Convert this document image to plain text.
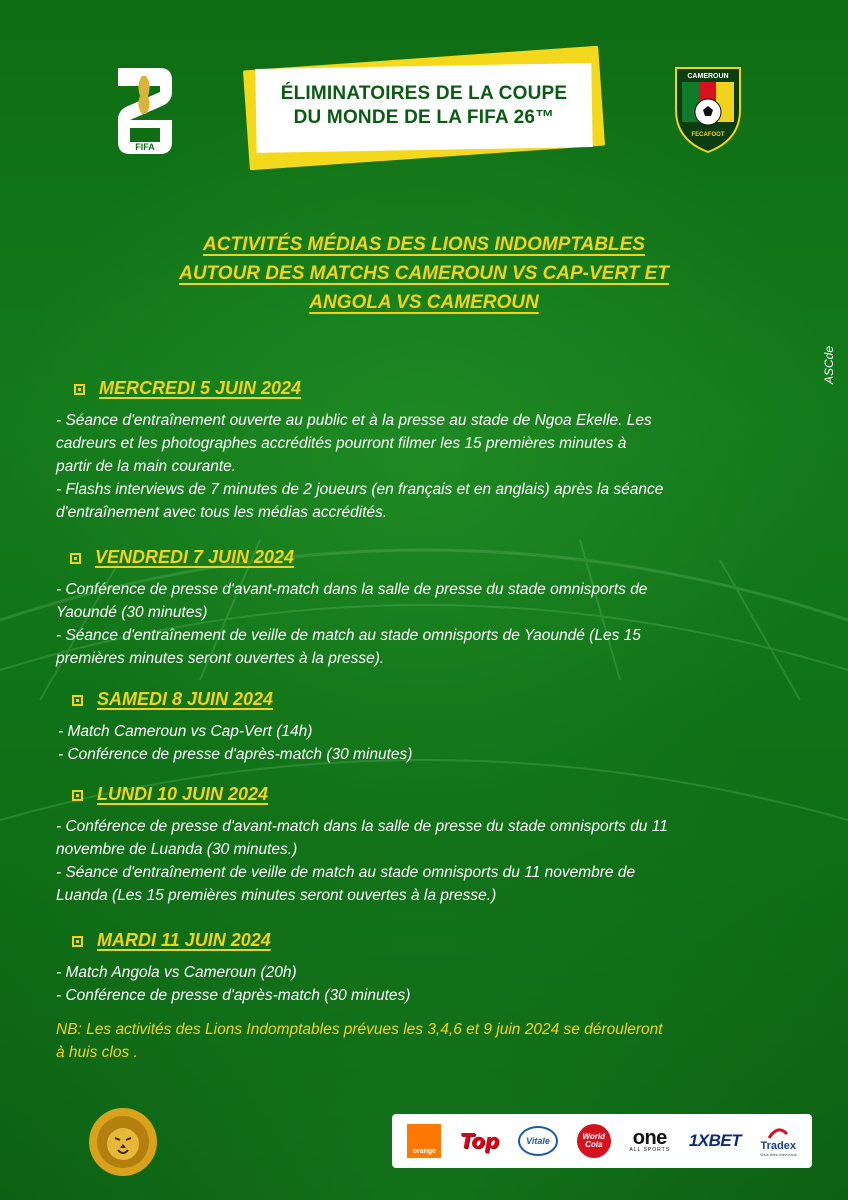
FIFA
ÉLIMINATOIRES DE LA COUPE
DU MONDE DE LA FIFA 26™
CAMEROUN
FECAFOOT
ACTIVITÉS MÉDIAS DES LIONS INDOMPTABLES
AUTOUR DES MATCHS CAMEROUN VS CAP-VERT ET
ANGOLA VS CAMEROUN
ASCde
MERCREDI 5 JUIN 2024

- Séance d'entraînement ouverte au public et à la presse au stade de Ngoa Ekelle. Les

cadreurs et les photographes accrédités pourront filmer les 15 premières minutes à

partir de la main courante.

- Flashs interviews de 7 minutes de 2 joueurs (en français et en anglais) après la séance

d'entraînement avec tous les médias accrédités.

VENDREDI 7 JUIN 2024

- Conférence de presse d'avant-match dans la salle de presse du stade omnisports de

Yaoundé (30 minutes)

- Séance d'entraînement de veille de match au stade omnisports de Yaoundé (Les 15

premières minutes seront ouvertes à la presse).

SAMEDI 8 JUIN 2024

- Match Cameroun vs Cap-Vert (14h)

- Conférence de presse d'après-match (30 minutes)

LUNDI 10 JUIN 2024

- Conférence de presse d'avant-match dans la salle de presse du stade omnisports du 11

novembre de Luanda (30 minutes.)

- Séance d'entraînement de veille de match au stade omnisports du 11 novembre de

Luanda (Les 15 premières minutes seront ouvertes à la presse.)

MARDI 11 JUIN 2024

- Match Angola vs Cameroun (20h)

- Conférence de presse d'après-match (30 minutes)

NB: Les activités des Lions Indomptables prévues les 3,4,6 et 9 juin 2024 se dérouleront
à huis clos .
orange Top	Vitale	World
Cola one
ALL SPORTS 1XBET Tradex
Vous êtes chez vous
